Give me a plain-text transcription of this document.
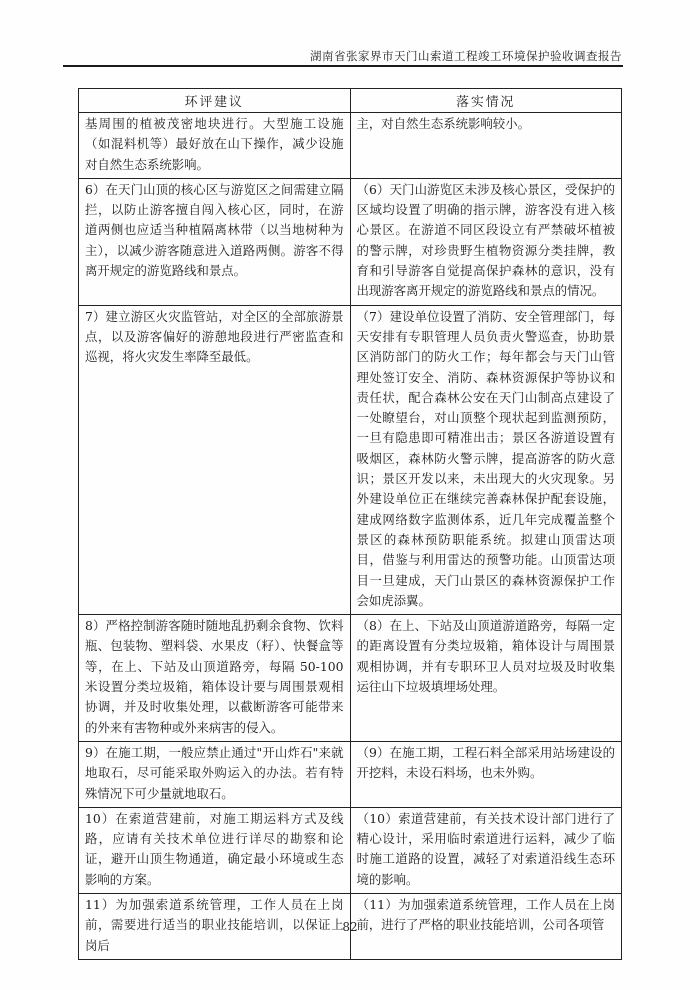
湖南省张家界市天门山索道工程竣工环境保护验收调查报告
环评建议	落实情况
基周围的植被茂密地块进行。大型施工设施（如混料机等）最好放在山下操作，减少设施对自然生态系统影响。	主，对自然生态系统影响较小。
6）在天门山顶的核心区与游览区之间需建立隔拦，以防止游客擅自闯入核心区，同时，在游道两侧也应适当种植隔离林带（以当地树种为主），以减少游客随意进入道路两侧。游客不得离开规定的游览路线和景点。	（6）天门山游览区未涉及核心景区，受保护的区域均设置了明确的指示牌，游客没有进入核心景区。在游道不同区段设立有严禁破坏植被的警示牌，对珍贵野生植物资源分类挂牌，教育和引导游客自觉提高保护森林的意识，没有出现游客离开规定的游览路线和景点的情况。
7）建立游区火灾监管站，对全区的全部旅游景点，以及游客偏好的游憩地段进行严密监查和巡视，将火灾发生率降至最低。	（7）建设单位设置了消防、安全管理部门，每天安排有专职管理人员负责火警巡查，协助景区消防部门的防火工作；每年都会与天门山管理处签订安全、消防、森林资源保护等协议和责任状，配合森林公安在天门山制高点建设了一处瞭望台，对山顶整个现状起到监测预防，一旦有隐患即可精准出击；景区各游道设置有吸烟区，森林防火警示牌，提高游客的防火意识；景区开发以来，未出现大的火灾现象。另外建设单位正在继续完善森林保护配套设施，建成网络数字监测体系，近几年完成覆盖整个景区的森林预防职能系统。拟建山顶雷达项目，借鉴与利用雷达的预警功能。山顶雷达项目一旦建成，天门山景区的森林资源保护工作会如虎添翼。
8）严格控制游客随时随地乱扔剩余食物、饮料瓶、包装物、塑料袋、水果皮（籽）、快餐盒等等，在上、下站及山顶道路旁，每隔 50-100 米设置分类垃圾箱，箱体设计要与周围景观相协调，并及时收集处理，以截断游客可能带来的外来有害物种或外来病害的侵入。	（8）在上、下站及山顶道游道路旁，每隔一定的距离设置有分类垃圾箱，箱体设计与周围景观相协调，并有专职环卫人员对垃圾及时收集运往山下垃圾填埋场处理。
9）在施工期，一般应禁止通过"开山炸石"来就地取石，尽可能采取外购运入的办法。若有特殊情况下可少量就地取石。	（9）在施工期，工程石料全部采用站场建设的开挖料，未设石料场，也未外购。
10）在索道营建前，对施工期运料方式及线路，应请有关技术单位进行详尽的勘察和论证，避开山顶生物通道，确定最小环境或生态影响的方案。	（10）索道营建前，有关技术设计部门进行了精心设计，采用临时索道进行运料，减少了临时施工道路的设置，减轻了对索道沿线生态环境的影响。
11）为加强索道系统管理，工作人员在上岗前，需要进行适当的职业技能培训，以保证上岗后	（11）为加强索道系统管理，工作人员在上岗前，进行了严格的职业技能培训，公司各项管
82
